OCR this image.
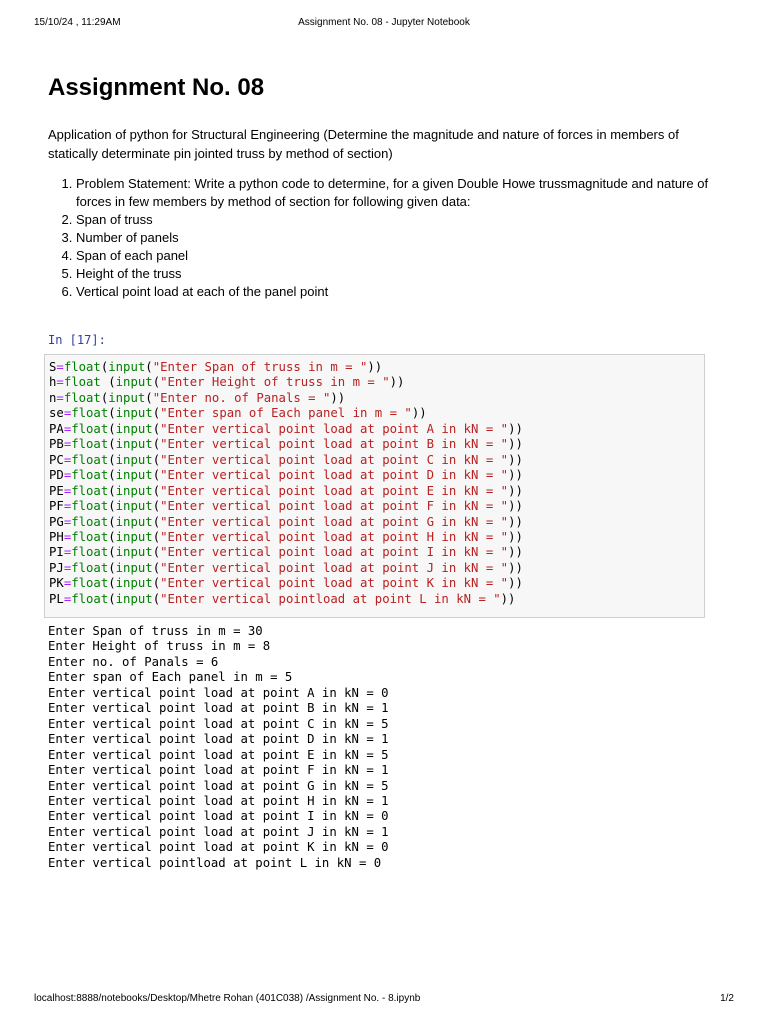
15/10/24 , 11:29AM	Assignment No. 08 - Jupyter Notebook
Assignment No. 08

Application of python for Structural Engineering (Determine the magnitude and nature of forces in members of statically determinate pin jointed truss by method of section)

1. Problem Statement: Write a python code to determine, for a given Double Howe trussmagnitude and nature of forces in few members by method of section for following given data:
2. Span of truss
3. Number of panels
4. Span of each panel
5. Height of the truss
6. Vertical point load at each of the panel point
In [17]:
S=float(input("Enter Span of truss in m = "))
h=float (input("Enter Height of truss in m = "))
n=float(input("Enter no. of Panals = "))
se=float(input("Enter span of Each panel in m = "))
PA=float(input("Enter vertical point load at point A in kN = "))
PB=float(input("Enter vertical point load at point B in kN = "))
PC=float(input("Enter vertical point load at point C in kN = "))
PD=float(input("Enter vertical point load at point D in kN = "))
PE=float(input("Enter vertical point load at point E in kN = "))
PF=float(input("Enter vertical point load at point F in kN = "))
PG=float(input("Enter vertical point load at point G in kN = "))
PH=float(input("Enter vertical point load at point H in kN = "))
PI=float(input("Enter vertical point load at point I in kN = "))
PJ=float(input("Enter vertical point load at point J in kN = "))
PK=float(input("Enter vertical point load at point K in kN = "))
PL=float(input("Enter vertical pointload at point L in kN = "))
Enter Span of truss in m = 30
Enter Height of truss in m = 8
Enter no. of Panals = 6
Enter span of Each panel in m = 5
Enter vertical point load at point A in kN = 0
Enter vertical point load at point B in kN = 1
Enter vertical point load at point C in kN = 5
Enter vertical point load at point D in kN = 1
Enter vertical point load at point E in kN = 5
Enter vertical point load at point F in kN = 1
Enter vertical point load at point G in kN = 5
Enter vertical point load at point H in kN = 1
Enter vertical point load at point I in kN = 0
Enter vertical point load at point J in kN = 1
Enter vertical point load at point K in kN = 0
Enter vertical pointload at point L in kN = 0
localhost:8888/notebooks/Desktop/Mhetre Rohan (401C038) /Assignment No. - 8.ipynb	1/2
